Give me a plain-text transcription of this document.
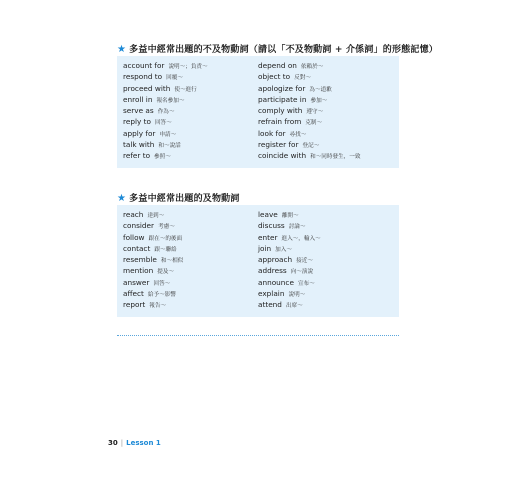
★ 多益中經常出題的不及物動詞（請以「不及物動詞 + 介係詞」的形態記憶）
account for 說明～；負責～
respond to 回覆～
proceed with 使～進行
enroll in 報名參加～
serve as 作為～
reply to 回答～
apply for 申請～
talk with 和～說話
refer to 參照～
depend on 依賴於～
object to 反對～
apologize for 為～道歉
participate in 參加～
comply with 遵守～
refrain from 克制～
look for 尋找～
register for 登記～
coincide with 和～同時發生，一致
★ 多益中經常出題的及物動詞
reach 達到～
consider 考慮～
follow 跟在～的後面
contact 跟～聯絡
resemble 和～相似
mention 提及～
answer 回答～
affect 給予～影響
report 報告～
leave 離開～
discuss 討論～
enter 進入～，輸入～
join 加入～
approach 接近～
address 向～演說
announce 宣布～
explain 說明～
attend 出席～
30 | Lesson 1
